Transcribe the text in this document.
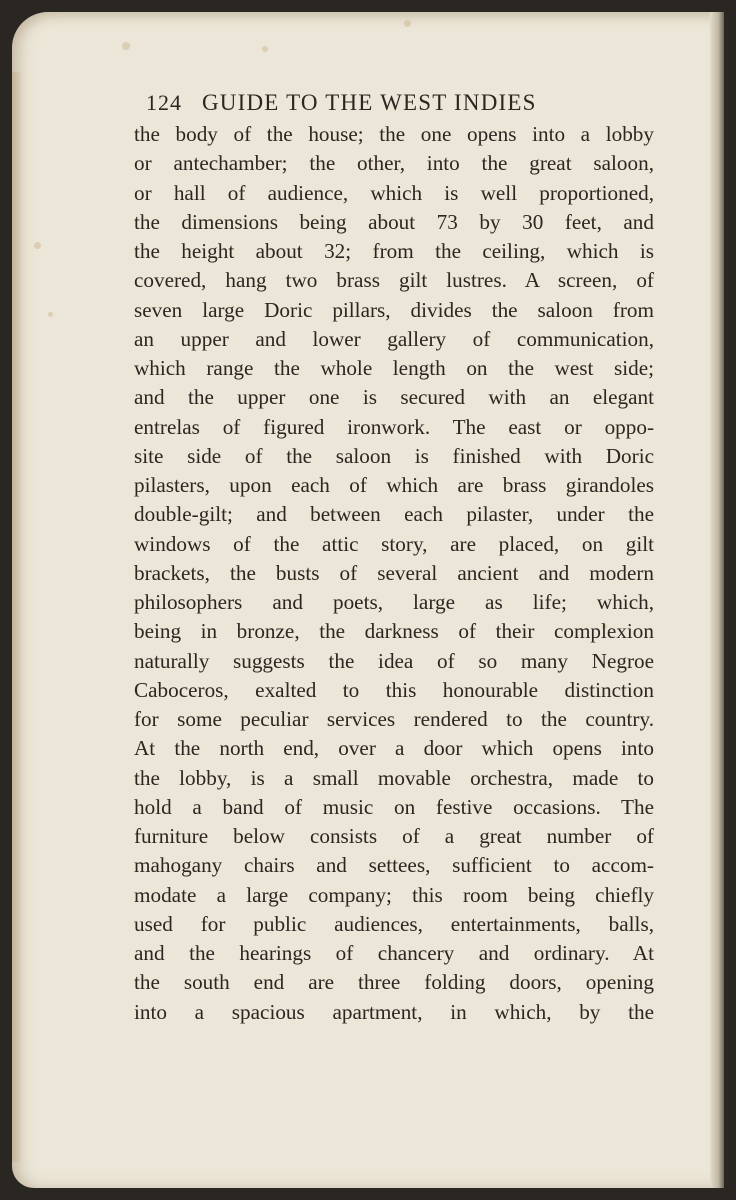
124 GUIDE TO THE WEST INDIES
the body of the house; the one opens into a lobby
or antechamber; the other, into the great saloon,
or hall of audience, which is well proportioned,
the dimensions being about 73 by 30 feet, and
the height about 32; from the ceiling, which is
covered, hang two brass gilt lustres. A screen, of
seven large Doric pillars, divides the saloon from
an upper and lower gallery of communication,
which range the whole length on the west side;
and the upper one is secured with an elegant
entrelas of figured ironwork. The east or oppo-
site side of the saloon is finished with Doric
pilasters, upon each of which are brass girandoles
double-gilt; and between each pilaster, under the
windows of the attic story, are placed, on gilt
brackets, the busts of several ancient and modern
philosophers and poets, large as life; which,
being in bronze, the darkness of their complexion
naturally suggests the idea of so many Negroe
Caboceros, exalted to this honourable distinction
for some peculiar services rendered to the country.
At the north end, over a door which opens into
the lobby, is a small movable orchestra, made to
hold a band of music on festive occasions. The
furniture below consists of a great number of
mahogany chairs and settees, sufficient to accom-
modate a large company; this room being chiefly
used for public audiences, entertainments, balls,
and the hearings of chancery and ordinary. At
the south end are three folding doors, opening
into a spacious apartment, in which, by the
